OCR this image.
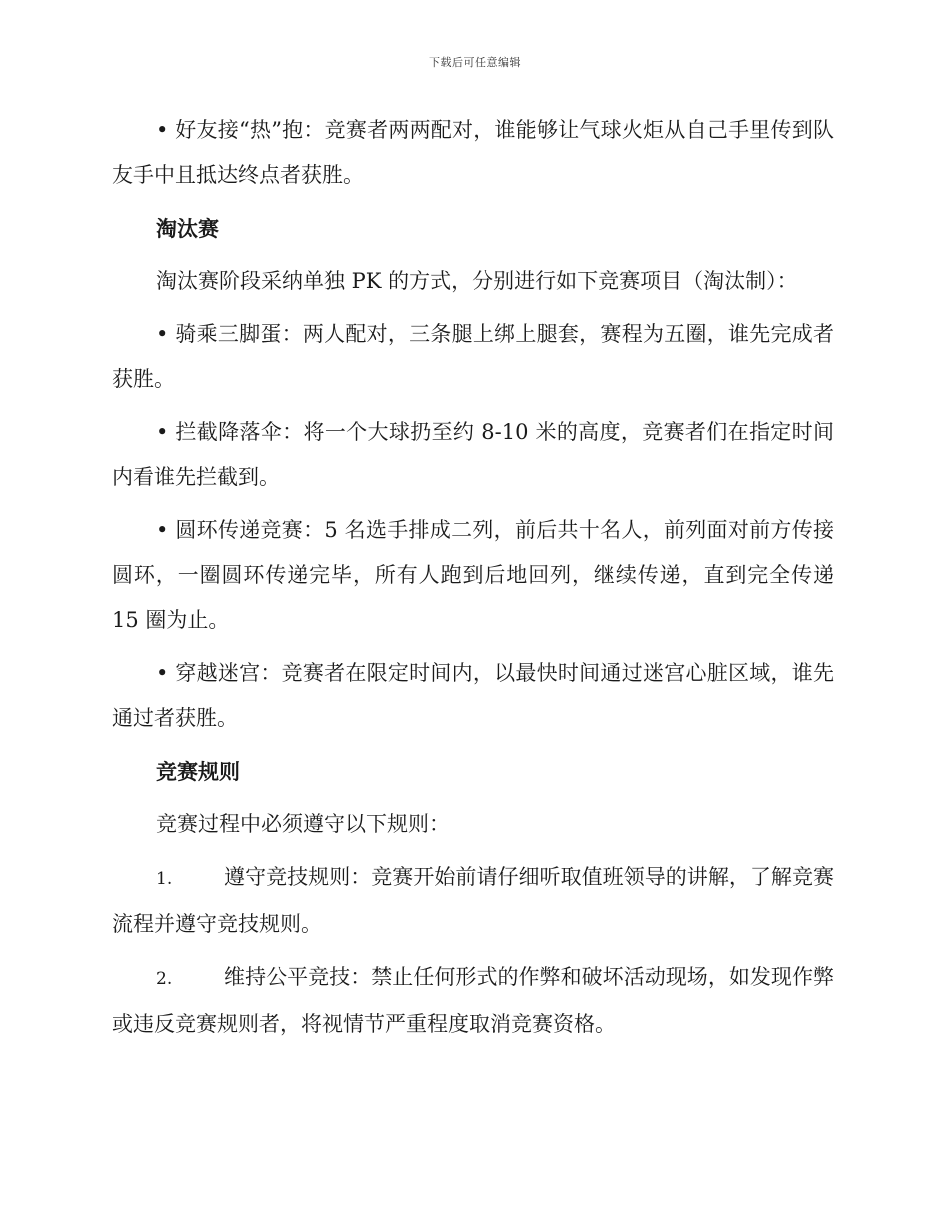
下载后可任意编辑

• 好友接“热”抱：竞赛者两两配对，谁能够让气球火炬从自己手里传到队友手中且抵达终点者获胜。

淘汰赛

淘汰赛阶段采纳单独 PK 的方式，分别进行如下竞赛项目（淘汰制）：

• 骑乘三脚蛋：两人配对，三条腿上绑上腿套，赛程为五圈，谁先完成者获胜。

• 拦截降落伞：将一个大球扔至约 8-10 米的高度，竞赛者们在指定时间内看谁先拦截到。

• 圆环传递竞赛：5 名选手排成二列，前后共十名人，前列面对前方传接圆环，一圈圆环传递完毕，所有人跑到后地回列，继续传递，直到完全传递 15 圈为止。

• 穿越迷宫：竞赛者在限定时间内，以最快时间通过迷宫心脏区域，谁先通过者获胜。

竞赛规则

竞赛过程中必须遵守以下规则：

1. 遵守竞技规则：竞赛开始前请仔细听取值班领导的讲解，了解竞赛流程并遵守竞技规则。

2. 维持公平竞技：禁止任何形式的作弊和破坏活动现场，如发现作弊或违反竞赛规则者，将视情节严重程度取消竞赛资格。
